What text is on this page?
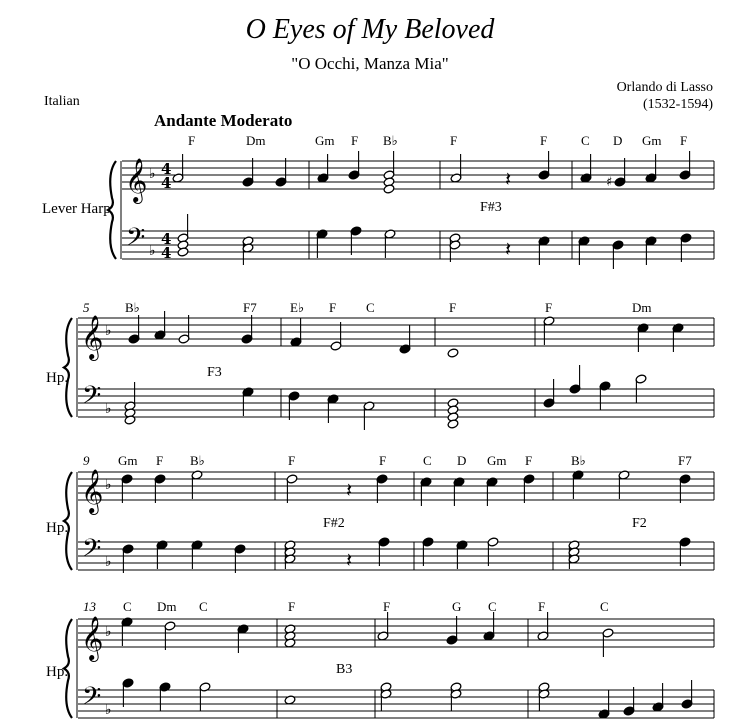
O Eyes of My Beloved
"O Occhi, Manza Mia"
Orlando di Lasso
(1532-1594)
Italian
Andante Moderato
Lever Harp
Hp.
Hp.
Hp.
5
9
13
F	Dm	Gm F B♭	F	F	C D Gm F
B♭	F7	E♭ F C	F	F	Dm
Gm F B♭	F	F	C D Gm F	B♭	F7
C Dm C	F	F	G C	F	C
F#3
F3
F#2	F2
B3
𝄞
𝄢
♭
♭
4
4
4
4
𝄞
𝄢
♭
♭
𝄞
𝄢
♭
♭
𝄞
𝄢
♭
♭
𝄽	♯
𝄽
𝄽
𝄽
